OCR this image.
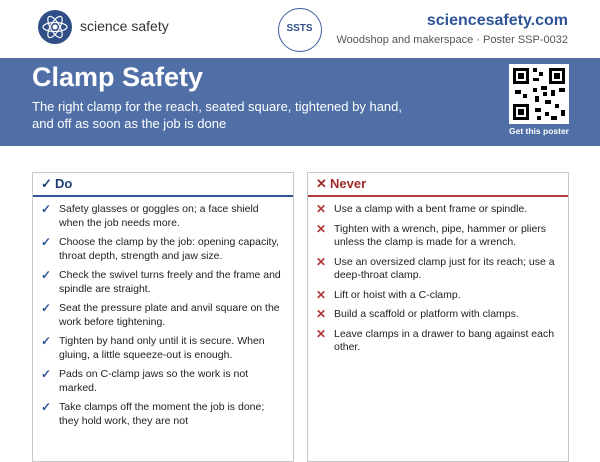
science safety	SSTS	sciencesafety.com
Woodshop and makerspace · Poster SSP-0032
Clamp Safety
The right clamp for the reach, seated square, tightened by hand, and off as soon as the job is done	Get this poster
✓ Do
✓ Safety glasses or goggles on; a face shield when the job needs more.
✓ Choose the clamp by the job: opening capacity, throat depth, strength and jaw size.
✓ Check the swivel turns freely and the frame and spindle are straight.
✓ Seat the pressure plate and anvil square on the work before tightening.
✓ Tighten by hand only until it is secure. When gluing, a little squeeze-out is enough.
✓ Pads on C-clamp jaws so the work is not marked.
✓ Take clamps off the moment the job is done; they hold work, they are not
✕ Never
✕ Use a clamp with a bent frame or spindle.
✕ Tighten with a wrench, pipe, hammer or pliers unless the clamp is made for a wrench.
✕ Use an oversized clamp just for its reach; use a deep-throat clamp.
✕ Lift or hoist with a C-clamp.
✕ Build a scaffold or platform with clamps.
✕ Leave clamps in a drawer to bang against each other.
